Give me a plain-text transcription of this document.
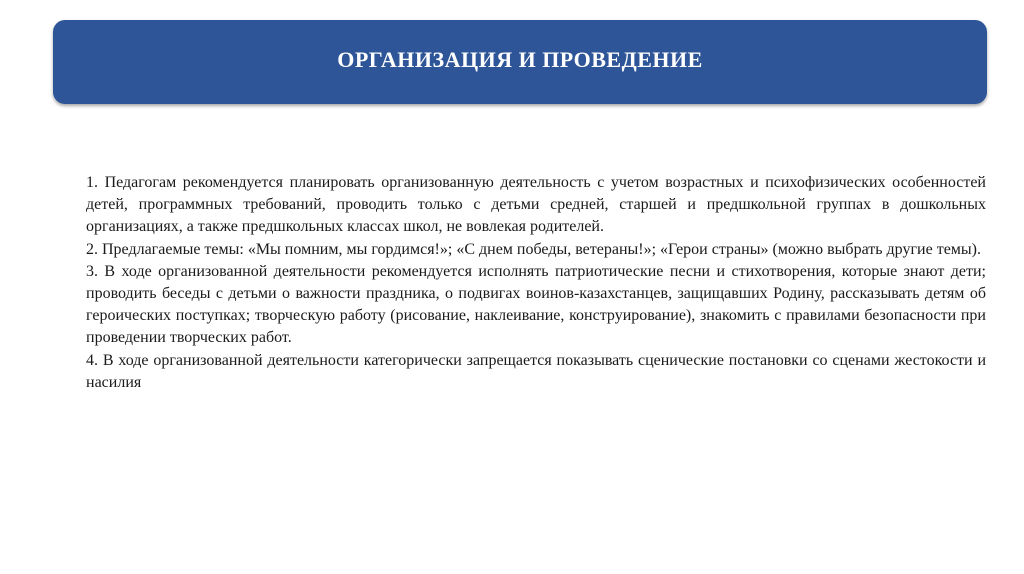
ОРГАНИЗАЦИЯ И ПРОВЕДЕНИЕ

1. Педагогам рекомендуется планировать организованную деятельность с учетом возрастных и психофизических особенностей детей, программных требований, проводить только с детьми средней, старшей и предшкольной группах в дошкольных организациях, а также предшкольных классах школ, не вовлекая родителей.

2. Предлагаемые темы: «Мы помним, мы гордимся!»; «С днем победы, ветераны!»; «Герои страны» (можно выбрать другие темы).

3. В ходе организованной деятельности рекомендуется исполнять патриотические песни и стихотворения, которые знают дети; проводить беседы с детьми о важности праздника, о подвигах воинов-казахстанцев, защищавших Родину, рассказывать детям об героических поступках; творческую работу (рисование, наклеивание, конструирование), знакомить с правилами безопасности при проведении творческих работ.

4. В ходе организованной деятельности категорически запрещается показывать сценические постановки со сценами жестокости и насилия
